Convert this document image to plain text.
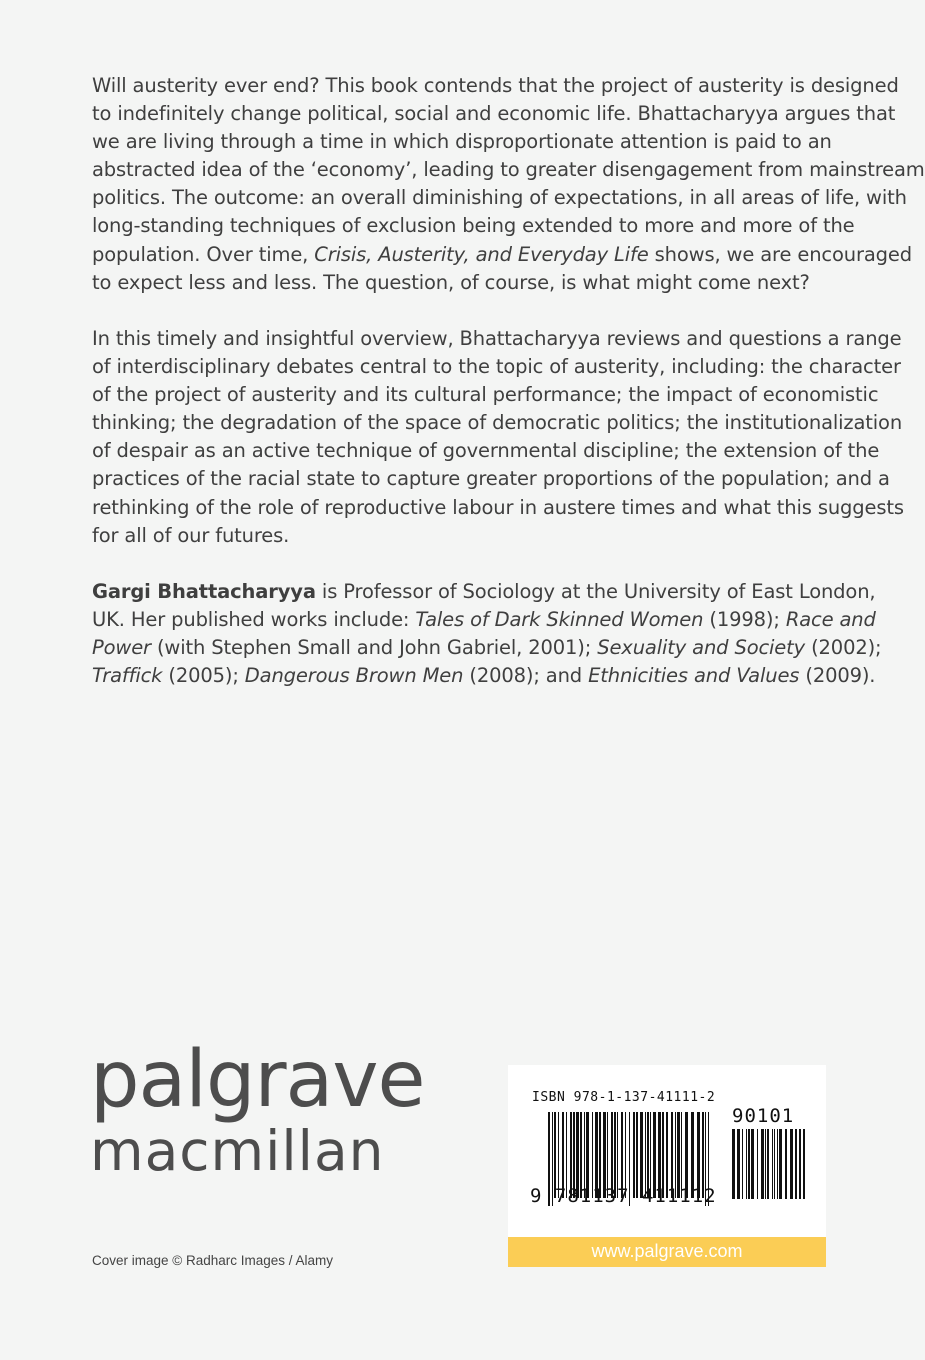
Will austerity ever end? This book contends that the project of austerity is designed
to indefinitely change political, social and economic life. Bhattacharyya argues that
we are living through a time in which disproportionate attention is paid to an
abstracted idea of the ‘economy’, leading to greater disengagement from mainstream
politics. The outcome: an overall diminishing of expectations, in all areas of life, with
long-standing techniques of exclusion being extended to more and more of the
population. Over time, Crisis, Austerity, and Everyday Life shows, we are encouraged
to expect less and less. The question, of course, is what might come next?
In this timely and insightful overview, Bhattacharyya reviews and questions a range
of interdisciplinary debates central to the topic of austerity, including: the character
of the project of austerity and its cultural performance; the impact of economistic
thinking; the degradation of the space of democratic politics; the institutionalization
of despair as an active technique of governmental discipline; the extension of the
practices of the racial state to capture greater proportions of the population; and a
rethinking of the role of reproductive labour in austere times and what this suggests
for all of our futures.
Gargi Bhattacharyya is Professor of Sociology at the University of East London,
UK. Her published works include: Tales of Dark Skinned Women (1998); Race and
Power (with Stephen Small and John Gabriel, 2001); Sexuality and Society (2002);
Traffick (2005); Dangerous Brown Men (2008); and Ethnicities and Values (2009).
palgrave
macmillan
Cover image © Radharc Images / Alamy
ISBN 978-1-137-41111-2
90101
9 781137 411112
www.palgrave.com
